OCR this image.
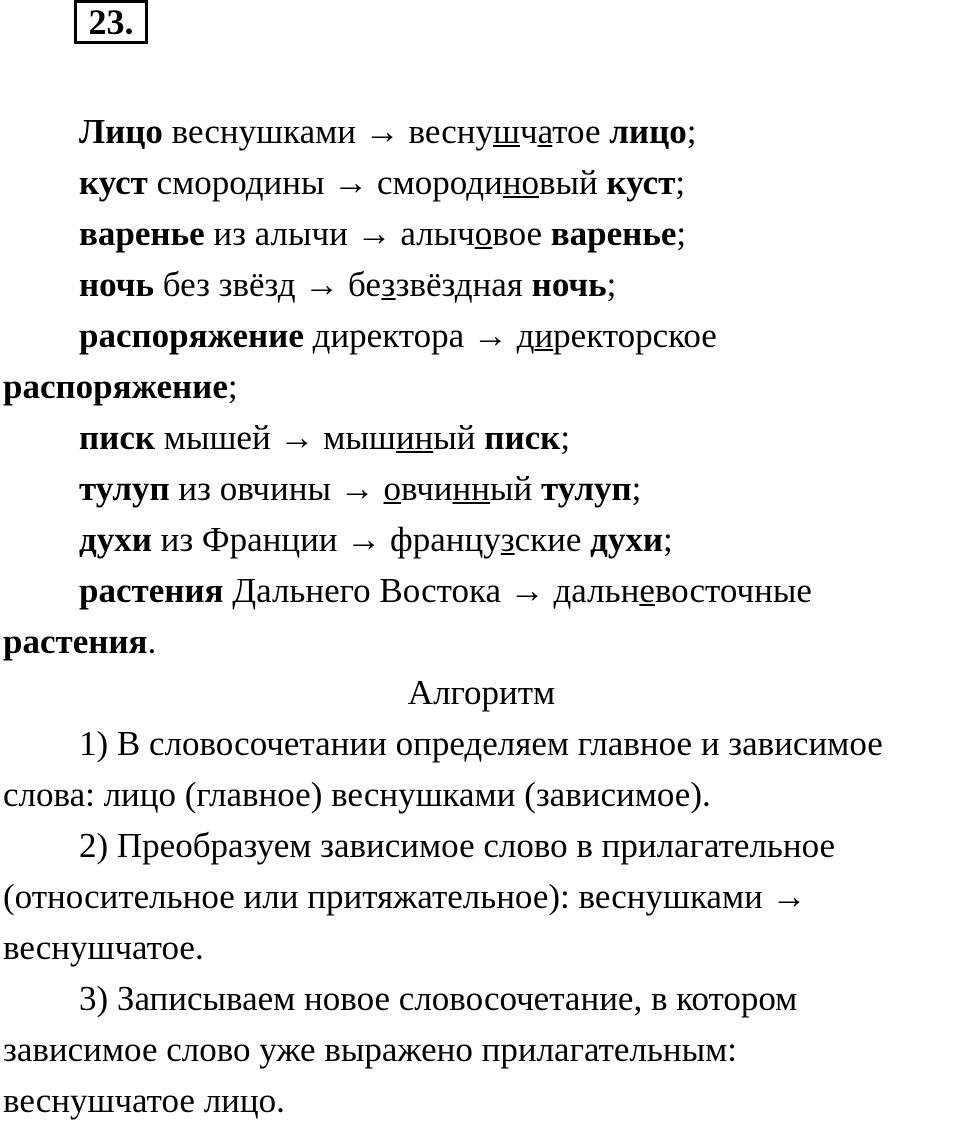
23.
Лицо веснушками → веснушчатое лицо;
куст смородины → смородиновый куст;
варенье из алычи → алычовое варенье;
ночь без звёзд → беззвёздная ночь;
распоряжение директора → директорское
распоряжение;
писк мышей → мышиный писк;
тулуп из овчины → овчинный тулуп;
духи из Франции → французские духи;
растения Дальнего Востока → дальневосточные
растения.
Алгоритм
1) В словосочетании определяем главное и зависимое
слова: лицо (главное) веснушками (зависимое).
2) Преобразуем зависимое слово в прилагательное
(относительное или притяжательное): веснушками →
веснушчатое.
3) Записываем новое словосочетание, в котором
зависимое слово уже выражено прилагательным:
веснушчатое лицо.
